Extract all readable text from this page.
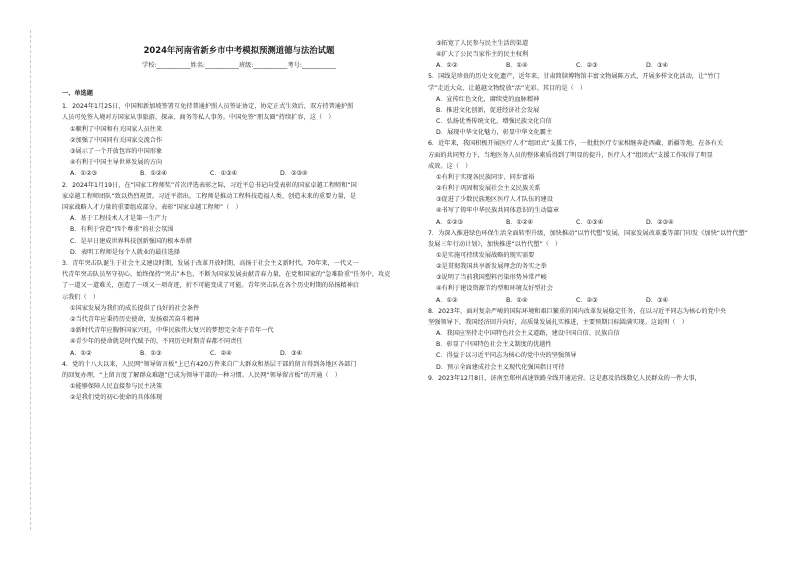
2024年河南省新乡市中考模拟预测道德与法治试题
学校:___________姓名:___________班级:___________考号:___________
一、单选题
1．2024年1月25日，中国和新加坡签署互免持普通护照人员签证协定，协定正式生效后，双方持普通护照
人员可免签入境对方国家从事旅游、探亲、商务等私人事务。中国免签“朋友圈”持续扩容，这（　）
①顺利了中国和有关国家人员往来
②加强了中国同有关国家交流合作
③展示了一个开放包容的中国形象
④有利于中国主导世界发展的方向
A．①②③	B．①②④	C．①③④	D．②③④
2．2024年1月19日，在“国家工程师奖”首次评选表彰之际，习近平总书记向受表彰的国家卓越工程师和“国
家卓越工程师团队”致以热烈祝贺。习近平指出，工程师是推动工程科技造福人类、创造未来的重要力量，是
国家战略人才力量的重要组成部分。表彰“国家卓越工程师”（　）
A．基于工程技术人才是第一生产力
B．有利于营造“四个尊重”的社会氛围
C．是早日建成世界科技创新强国的根本举措
D．表明工程师是每个人就业的最佳选择
3．青年突击队诞生于社会主义建设时期，发展于改革开放时期，高扬于社会主义新时代。70年来，一代又一
代青年突击队员坚守初心，始终保持“突击”本色，不断为国家发展贡献青春力量，在党和国家的“急难险重”任务中，攻克
了一道又一道难关，创造了一项又一项奇迹，折不可能变成了可能。青年突击队在各个历史时期的昂扬精神启
示我们（　）
①国家发展为我们的成长提供了良好的社会条件
②当代青年应秉持历史使命，发扬艰苦奋斗精神
③新时代青年应胸怀国家兴旺，中华民族伟大复兴的梦想完全寄予青年一代
④青少年的使命就是时代赋予的，不同历史时期青春都不同责任
A．①②	B．①③	C．②④	D．③④
4．党的十八大以来，人民网“领导留言板”上已有420万件来自广大群众和基层干部的留言得到各地区各部门
的回复办理，“上留言度了解群众难题”已成为领导干部的一种习惯。人民网“领导留言板”的开通（　）
①能够保障人民直接参与民主决策
②是我们党的初心使命的具体体现
③拓宽了人民参与民主生活的渠道
④扩大了公民当家作主的民主权利
A．①②	B．①④	C．②③	D．③④
5．国线是珍贵的历史文化遗产，近年来，甘肃简牍博物馆丰富文物展陈方式，开展多样文化活动，让“竹门
学”走近大众，让越越文物绽放“活”光彩。其目的是（　）
A．宣传红色文化，赓续党的血脉精神
B．推进文化创新，促进经济社会发展
C．弘扬优秀传统文化，增强民族文化自信
D．展现中华文化魅力，彰显中华文化霸主
6．近年来，我国积极开展医疗人才“组团式”支援工作，一批批医疗专家相继奔赴西藏、新疆等地，在各有关
方面的共同努力下，当地医务人员的整体素质得到了明显的提升，医疗人才“组团式”支援工作取得了明显
成效。这（　）
①有利于实现各民族同步、同步富裕
②有利于巩固和发展社会主义民族关系
③促进了少数民族地区医疗人才队伍的建设
④书写了铸牢中华民族共同体意识的生动篇章
A．①②③	B．①②④	C．①③④	D．②③④
7．为深入推进绿色环保生活全面转型升级，加快推动“以竹代塑”发展，国家发展改革委等部门印发《加快“以竹代塑”
发展三年行动计划》，加快推进“以竹代塑”（　）
①是实施可持续发展战略的现实需要
②是贯彻我国共享新发展理念的务实之举
③说明了当前我国塑料污染形势异常严峻
④有利于建设资源节约型和环境友好型社会
A．①②	B．①④	C．②③	D．③④
8．2023年，面对复杂严峻的国际环境和艰巨繁重的国内改革发展稳定任务，在以习近平同志为核心的党中央
坚强领导下，我国经济回升向好，高质量发展扎实推进，主要预期目标圆满实现。这说明（　）
A．我国应坚持走中国特色社会主义道路，建设中国自信、民族自信
B．彰显了中国特色社会主义制度的优越性
C．得益于以习近平同志为核心的党中央的坚强领导
D．预示全面建成社会主义现代化强国指日可待
9．2023年12月8日，济南至郑州高速铁路全线开通运营。这是惠及沿线数亿人民群众的一件大事，
